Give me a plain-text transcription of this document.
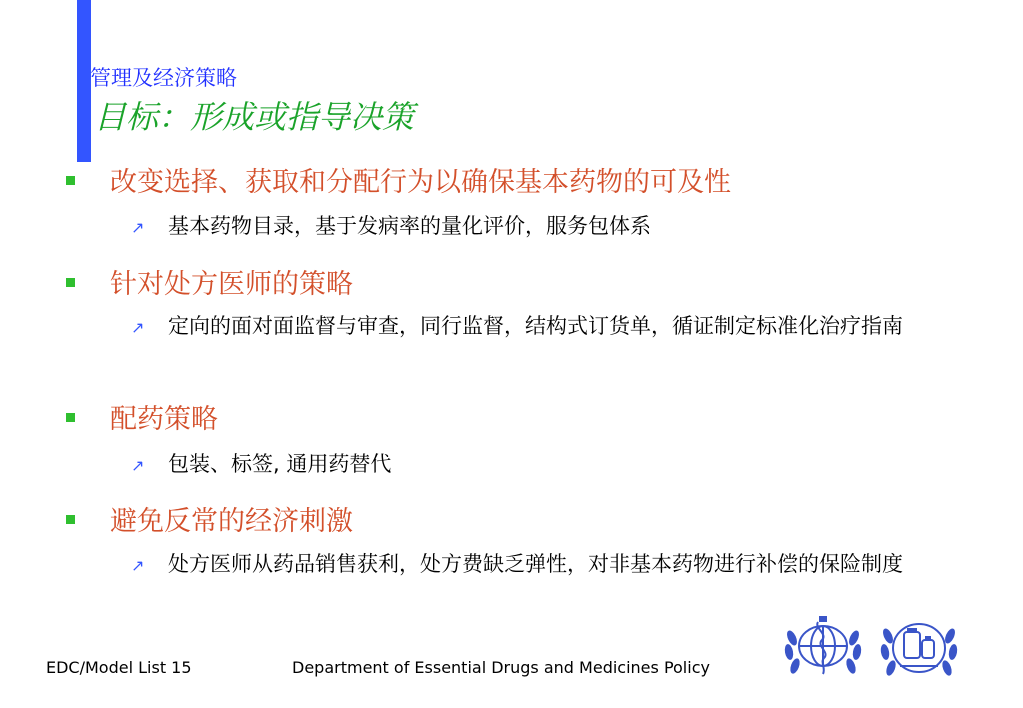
管理及经济策略
目标：形成或指导决策
改变选择、获取和分配行为以确保基本药物的可及性
↗ 基本药物目录，基于发病率的量化评价，服务包体系
针对处方医师的策略
↗ 定向的面对面监督与审查，同行监督，结构式订货单，循证制定标准化治疗指南
配药策略
↗ 包装、标签, 通用药替代
避免反常的经济刺激
↗ 处方医师从药品销售获利，处方费缺乏弹性，对非基本药物进行补偿的保险制度
EDC/Model List 15	Department of Essential Drugs and Medicines Policy
